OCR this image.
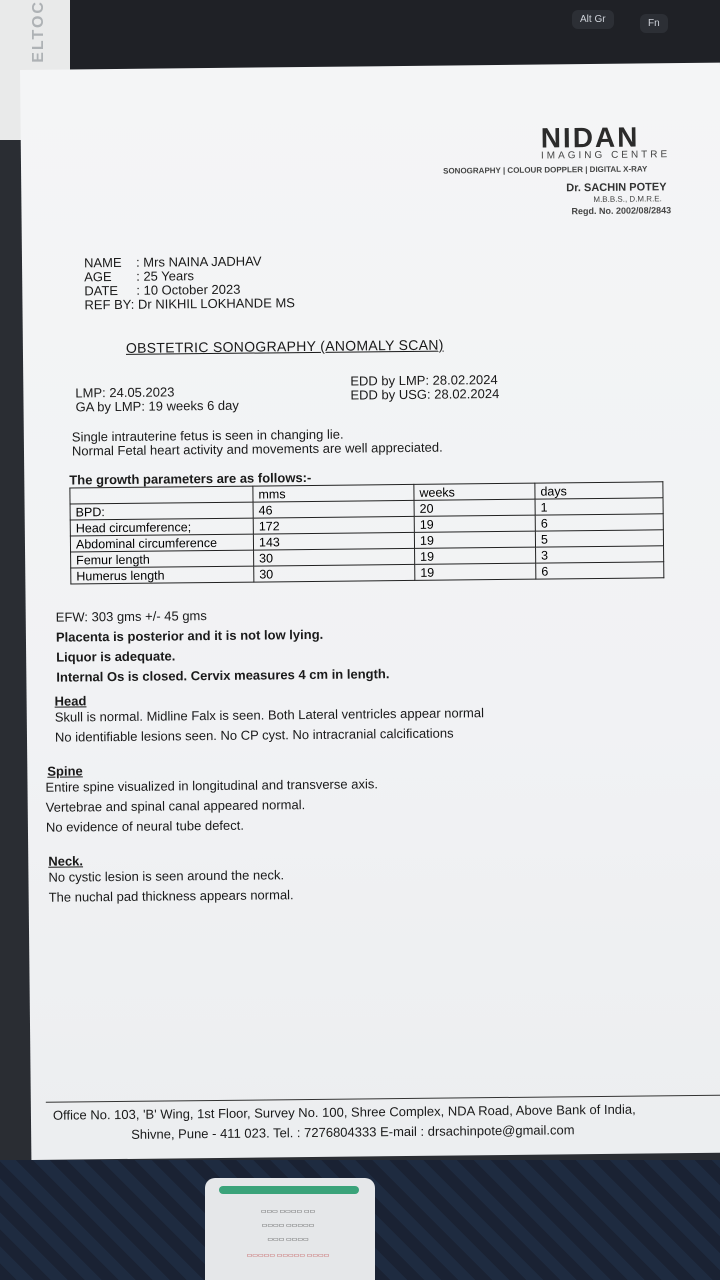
Alt Gr	Fn
ELTOC
▭▭▭ ▭▭▭▭ ▭▭
▭▭▭▭ ▭▭▭▭▭
▭▭▭ ▭▭▭▭
▭▭▭▭▭ ▭▭▭▭▭ ▭▭▭▭
NIDAN
IMAGING CENTRE
SONOGRAPHY | COLOUR DOPPLER | DIGITAL X-RAY
Dr. SACHIN POTEY
M.B.B.S., D.M.R.E.
Regd. No. 2002/08/2843
NAME : Mrs NAINA JADHAV
AGE : 25 Years
DATE : 10 October 2023
REF BY: Dr NIKHIL LOKHANDE MS
OBSTETRIC SONOGRAPHY (ANOMALY SCAN)
LMP: 24.05.2023
GA by LMP: 19 weeks 6 day
EDD by LMP: 28.02.2024
EDD by USG: 28.02.2024
Single intrauterine fetus is seen in changing lie.
Normal Fetal heart activity and movements are well appreciated.
The growth parameters are as follows:-
	mms	weeks	days
BPD:	46	20	1
Head circumference;	172	19	6
Abdominal circumference	143	19	5
Femur length	30	19	3
Humerus length	30	19	6
EFW: 303 gms +/- 45 gms
Placenta is posterior and it is not low lying.
Liquor is adequate.
Internal Os is closed. Cervix measures 4 cm in length.
Head
Skull is normal. Midline Falx is seen. Both Lateral ventricles appear normal
No identifiable lesions seen. No CP cyst. No intracranial calcifications
Spine
Entire spine visualized in longitudinal and transverse axis.
Vertebrae and spinal canal appeared normal.
No evidence of neural tube defect.
Neck.
No cystic lesion is seen around the neck.
The nuchal pad thickness appears normal.
Office No. 103, 'B' Wing, 1st Floor, Survey No. 100, Shree Complex, NDA Road, Above Bank of India,
Shivne, Pune - 411 023. Tel. : 7276804333 E-mail : drsachinpote@gmail.com
